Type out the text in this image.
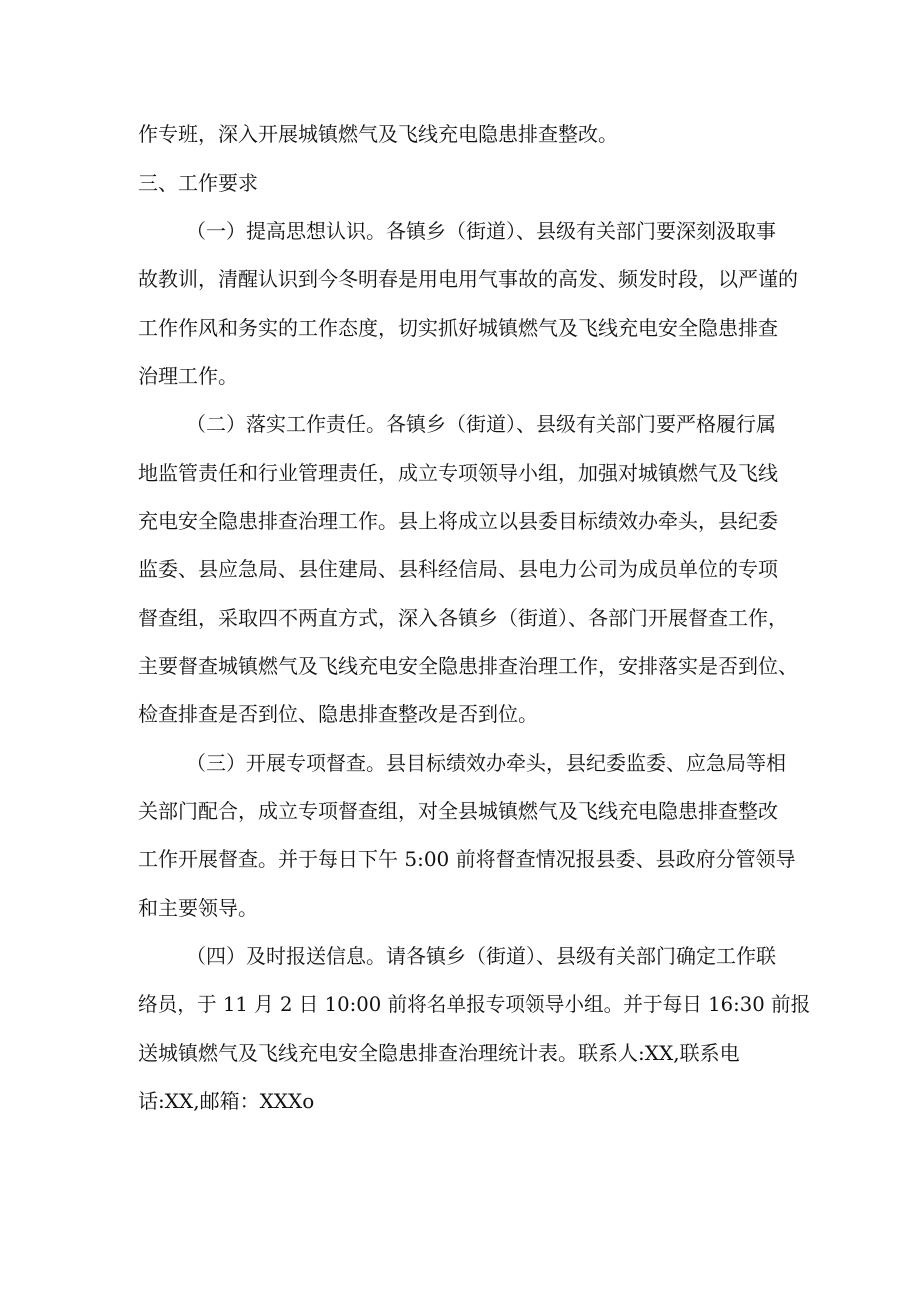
作专班，深入开展城镇燃气及飞线充电隐患排查整改。
三、工作要求
（一）提高思想认识。各镇乡（街道）、县级有关部门要深刻汲取事
故教训，清醒认识到今冬明春是用电用气事故的高发、频发时段，以严谨的
工作作风和务实的工作态度，切实抓好城镇燃气及飞线充电安全隐患排查
治理工作。
（二）落实工作责任。各镇乡（街道）、县级有关部门要严格履行属
地监管责任和行业管理责任，成立专项领导小组，加强对城镇燃气及飞线
充电安全隐患排查治理工作。县上将成立以县委目标绩效办牵头，县纪委
监委、县应急局、县住建局、县科经信局、县电力公司为成员单位的专项
督查组，采取四不两直方式，深入各镇乡（街道）、各部门开展督查工作，
主要督查城镇燃气及飞线充电安全隐患排查治理工作，安排落实是否到位、
检查排查是否到位、隐患排查整改是否到位。
（三）开展专项督查。县目标绩效办牵头，县纪委监委、应急局等相
关部门配合，成立专项督查组，对全县城镇燃气及飞线充电隐患排查整改
工作开展督查。并于每日下午 5:00 前将督查情况报县委、县政府分管领导
和主要领导。
（四）及时报送信息。请各镇乡（街道）、县级有关部门确定工作联
络员，于 11 月 2 日 10:00 前将名单报专项领导小组。并于每日 16:30 前报
送城镇燃气及飞线充电安全隐患排查治理统计表。联系人:XX,联系电
话:XX,邮箱：XXXo
